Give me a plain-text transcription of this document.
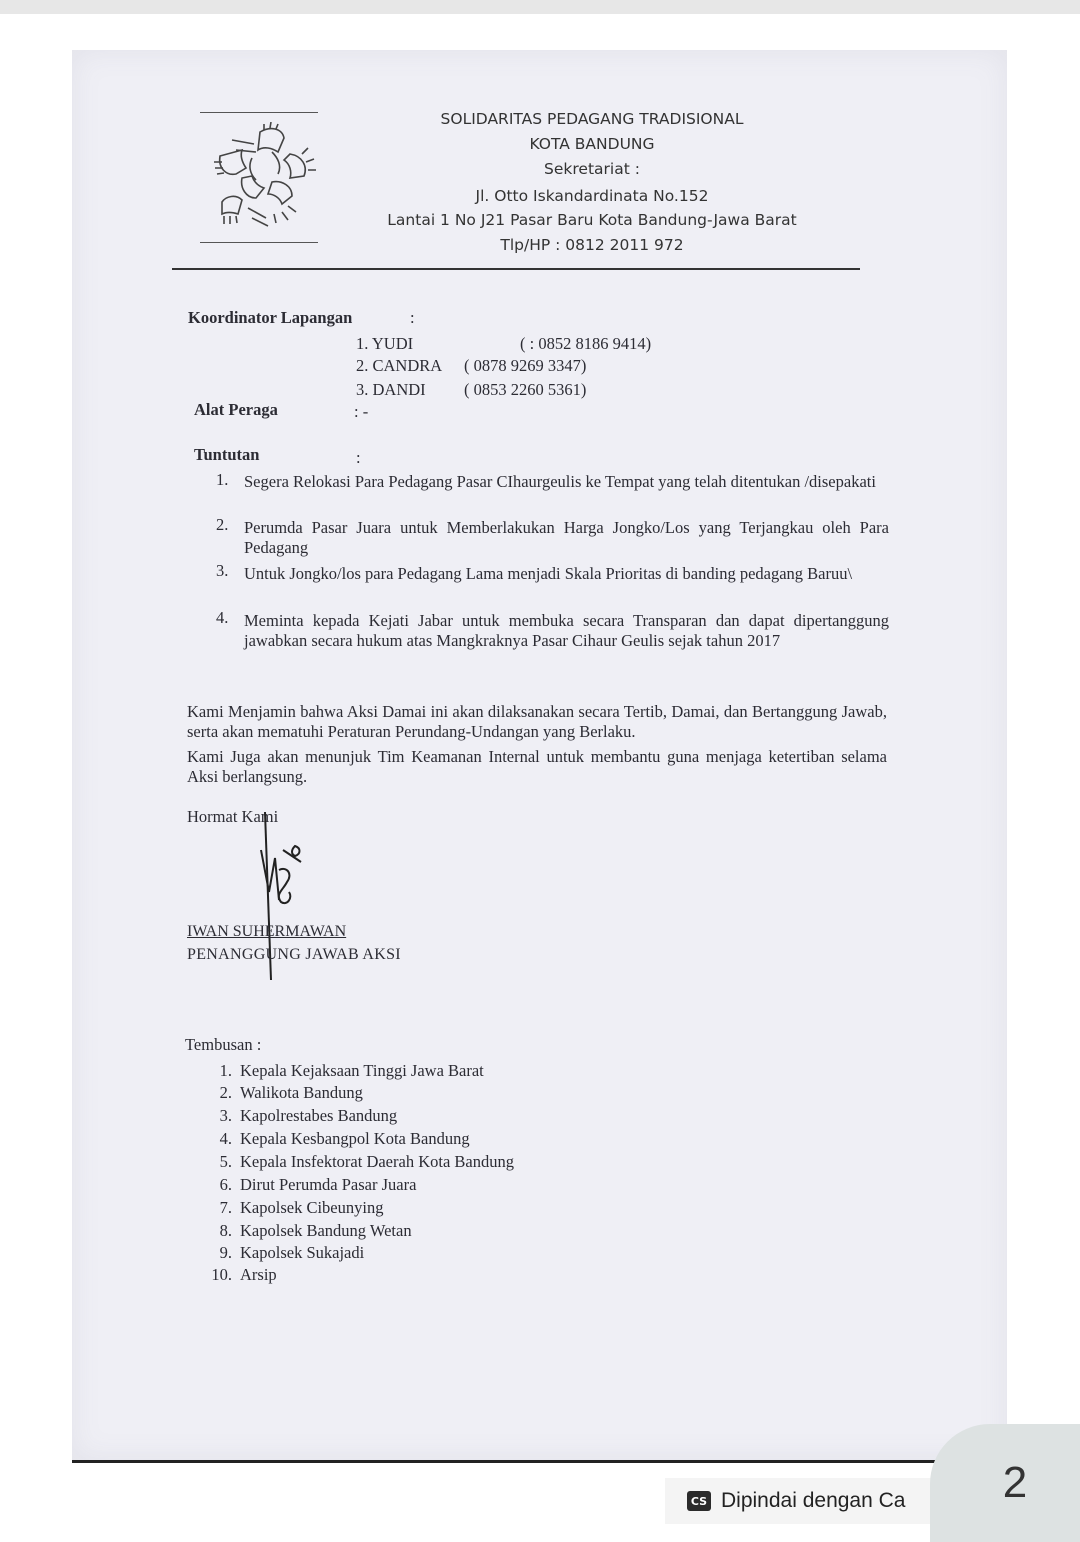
SOLIDARITAS PEDAGANG TRADISIONAL
KOTA BANDUNG
Sekretariat :
Jl. Otto Iskandardinata No.152
Lantai 1 No J21 Pasar Baru Kota Bandung-Jawa Barat
Tlp/HP : 0812 2011 972
Koordinator Lapangan	:
1. YUDI	( : 0852 8186 9414)
2. CANDRA ( 0878 9269 3347)
3. DANDI ( 0853 2260 5361)
Alat Peraga	: -
Tuntutan	:
1. Segera Relokasi Para Pedagang Pasar CIhaurgeulis ke Tempat yang telah ditentukan /disepakati
2. Perumda Pasar Juara untuk Memberlakukan Harga Jongko/Los yang Terjangkau oleh Para Pedagang
3. Untuk Jongko/los para Pedagang Lama menjadi Skala Prioritas di banding pedagang Baruu\
4. Meminta kepada Kejati Jabar untuk membuka secara Transparan dan dapat dipertanggung jawabkan secara hukum atas Mangkraknya Pasar Cihaur Geulis sejak tahun 2017
Kami Menjamin bahwa Aksi Damai ini akan dilaksanakan secara Tertib, Damai, dan Bertanggung Jawab, serta akan mematuhi Peraturan Perundang-Undangan yang Berlaku.
Kami Juga akan menunjuk Tim Keamanan Internal untuk membantu guna menjaga ketertiban selama Aksi berlangsung.
Hormat Kami
IWAN SUHERMAWAN
PENANGGUNG JAWAB AKSI
Tembusan :
1. Kepala Kejaksaan Tinggi Jawa Barat
2. Walikota Bandung
3. Kapolrestabes Bandung
4. Kepala Kesbangpol Kota Bandung
5. Kepala Insfektorat Daerah Kota Bandung
6. Dirut Perumda Pasar Juara
7. Kapolsek Cibeunying
8. Kapolsek Bandung Wetan
9. Kapolsek Sukajadi
10. Arsip
CS Dipindai dengan Ca 2
